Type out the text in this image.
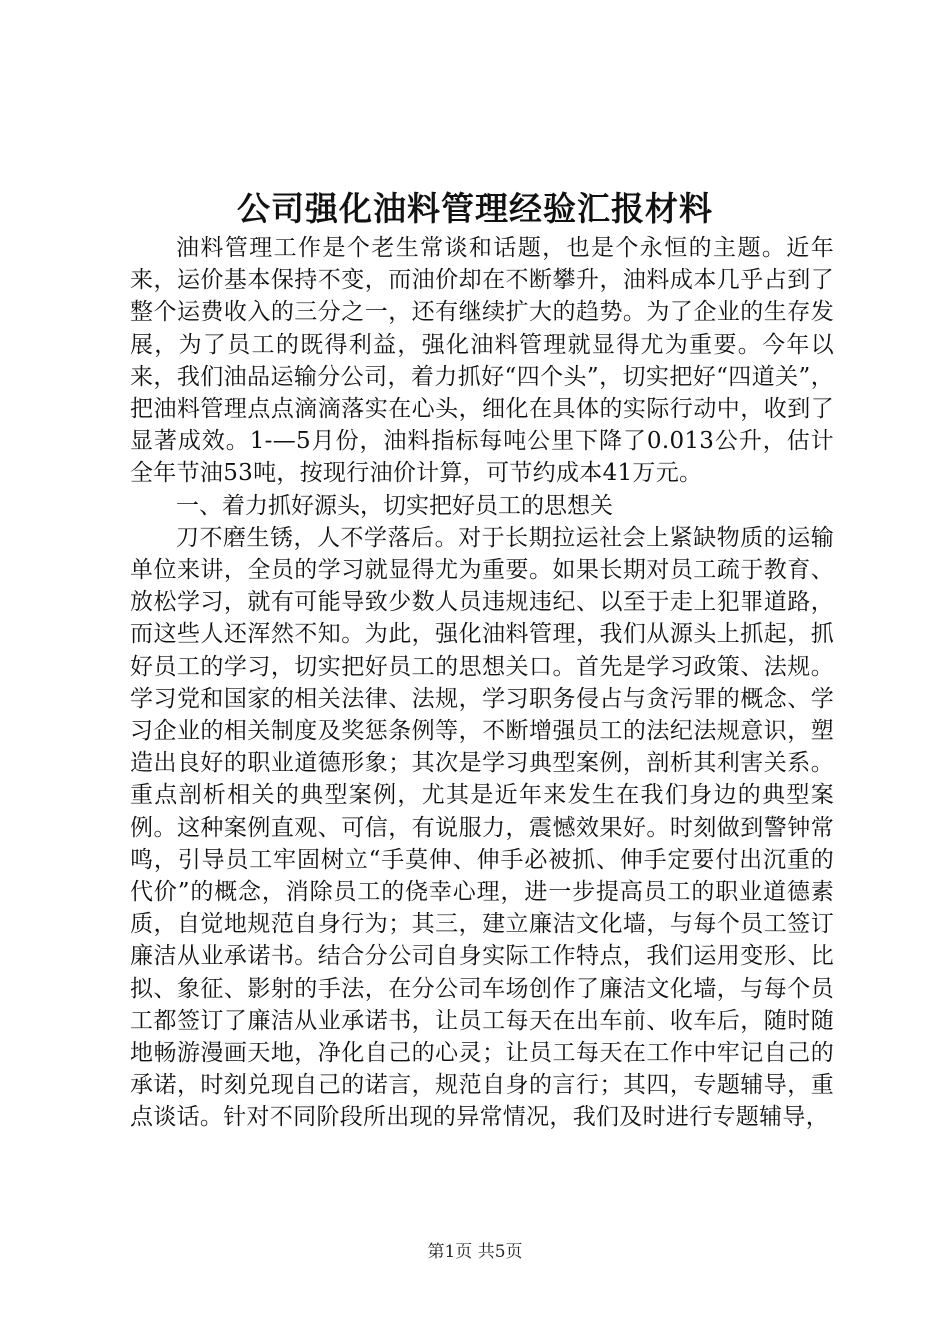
公司强化油料管理经验汇报材料

油料管理工作是个老生常谈和话题，也是个永恒的主题。近年来，运价基本保持不变，而油价却在不断攀升，油料成本几乎占到了整个运费收入的三分之一，还有继续扩大的趋势。为了企业的生存发展，为了员工的既得利益，强化油料管理就显得尤为重要。今年以来，我们油品运输分公司，着力抓好“四个头”，切实把好“四道关”，把油料管理点点滴滴落实在心头，细化在具体的实际行动中，收到了显著成效。1-—5月份，油料指标每吨公里下降了0.013公升，估计全年节油53吨，按现行油价计算，可节约成本41万元。

一、着力抓好源头，切实把好员工的思想关

刀不磨生锈，人不学落后。对于长期拉运社会上紧缺物质的运输单位来讲，全员的学习就显得尤为重要。如果长期对员工疏于教育、放松学习，就有可能导致少数人员违规违纪、以至于走上犯罪道路，而这些人还浑然不知。为此，强化油料管理，我们从源头上抓起，抓好员工的学习，切实把好员工的思想关口。首先是学习政策、法规。学习党和国家的相关法律、法规，学习职务侵占与贪污罪的概念、学习企业的相关制度及奖惩条例等，不断增强员工的法纪法规意识，塑造出良好的职业道德形象；其次是学习典型案例，剖析其利害关系。重点剖析相关的典型案例，尤其是近年来发生在我们身边的典型案例。这种案例直观、可信，有说服力，震憾效果好。时刻做到警钟常鸣，引导员工牢固树立“手莫伸、伸手必被抓、伸手定要付出沉重的代价”的概念，消除员工的侥幸心理，进一步提高员工的职业道德素质，自觉地规范自身行为；其三，建立廉洁文化墙，与每个员工签订廉洁从业承诺书。结合分公司自身实际工作特点，我们运用变形、比拟、象征、影射的手法，在分公司车场创作了廉洁文化墙，与每个员工都签订了廉洁从业承诺书，让员工每天在出车前、收车后，随时随地畅游漫画天地，净化自己的心灵；让员工每天在工作中牢记自己的承诺，时刻兑现自己的诺言，规范自身的言行；其四，专题辅导，重点谈话。针对不同阶段所出现的异常情况，我们及时进行专题辅导，

第1页 共5页
